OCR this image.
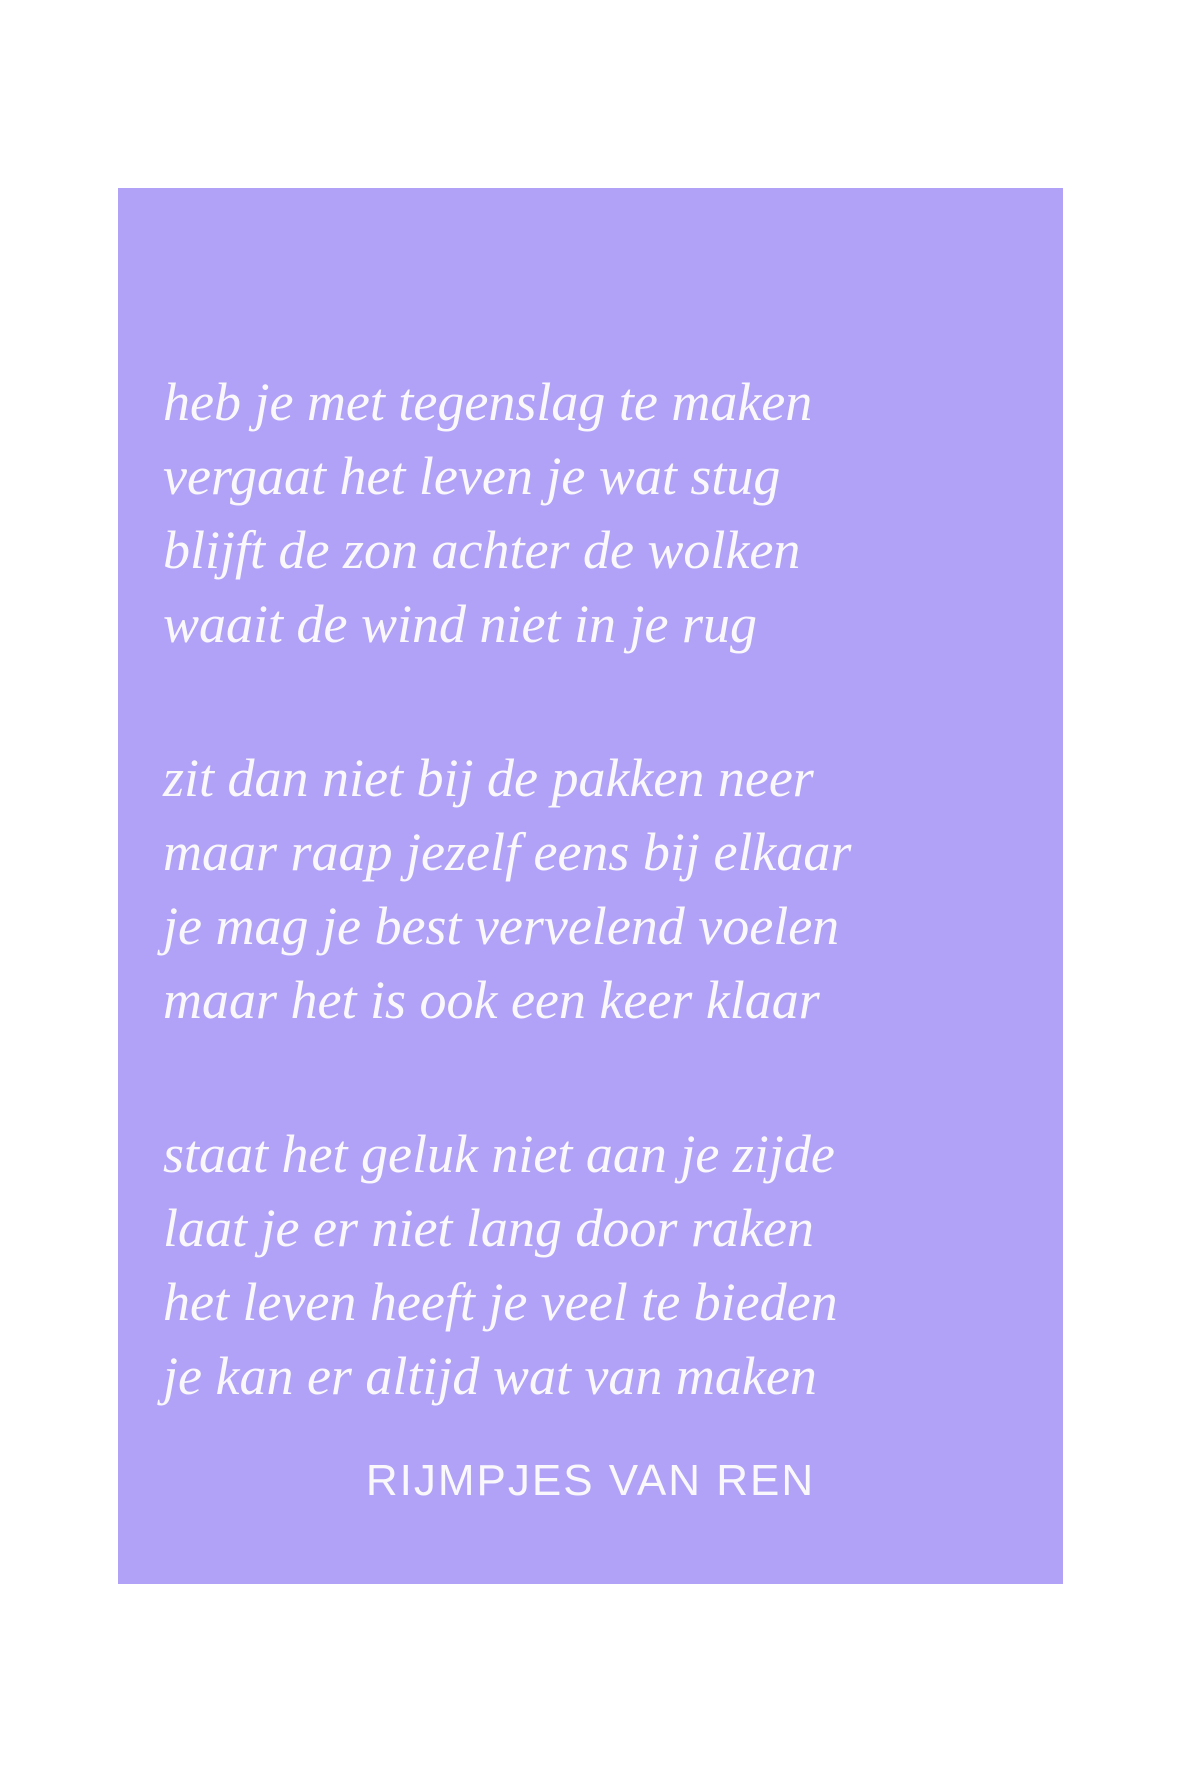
heb je met tegenslag te maken
vergaat het leven je wat stug
blijft de zon achter de wolken
waait de wind niet in je rug
zit dan niet bij de pakken neer
maar raap jezelf eens bij elkaar
je mag je best vervelend voelen
maar het is ook een keer klaar
staat het geluk niet aan je zijde
laat je er niet lang door raken
het leven heeft je veel te bieden
je kan er altijd wat van maken
RIJMPJES VAN REN
